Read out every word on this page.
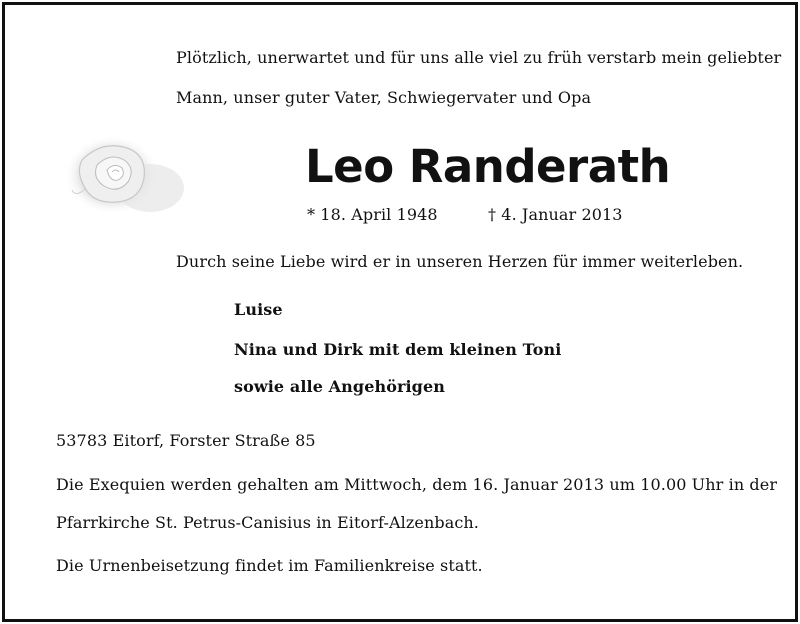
Plötzlich, unerwartet und für uns alle viel zu früh verstarb mein geliebter
Mann, unser guter Vater, Schwiegervater und Opa
Leo Randerath
* 18. April 1948	† 4. Januar 2013
Durch seine Liebe wird er in unseren Herzen für immer weiterleben.
Luise
Nina und Dirk mit dem kleinen Toni
sowie alle Angehörigen
53783 Eitorf, Forster Straße 85
Die Exequien werden gehalten am Mittwoch, dem 16. Januar 2013 um 10.00 Uhr in der
Pfarrkirche St. Petrus-Canisius in Eitorf-Alzenbach.
Die Urnenbeisetzung findet im Familienkreise statt.
